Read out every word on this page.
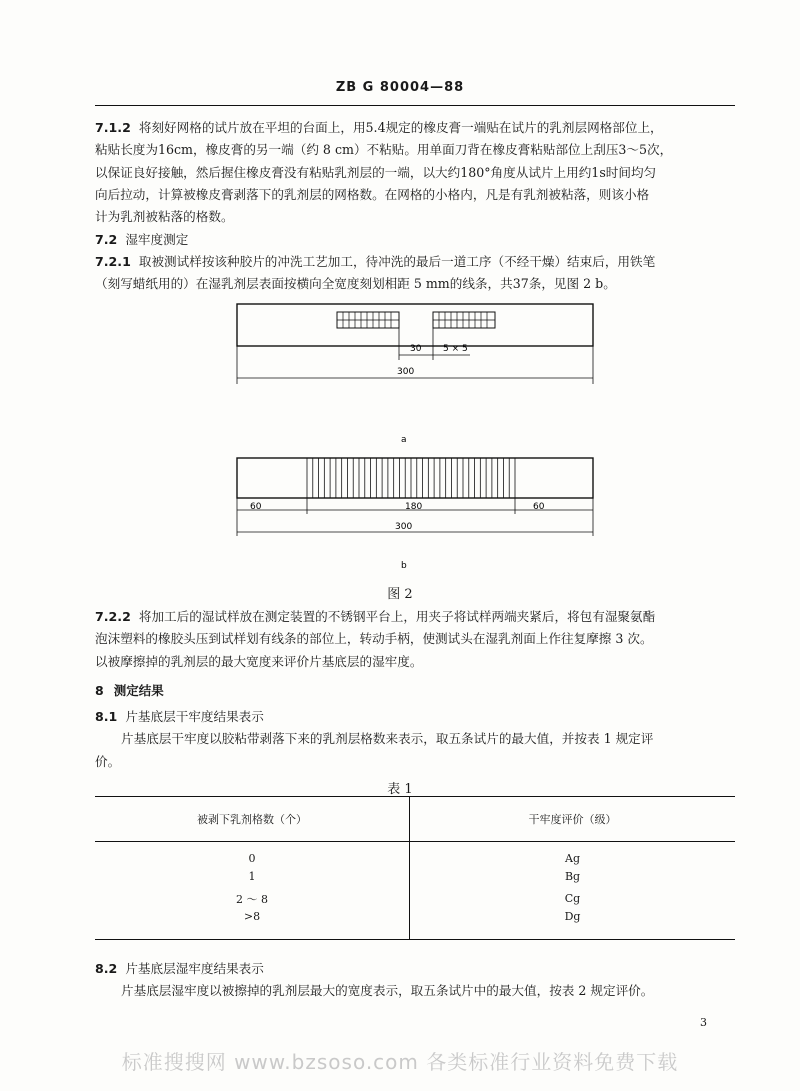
ZB G 80004—88
7.1.2 将刻好网格的试片放在平坦的台面上，用5.4规定的橡皮膏一端贴在试片的乳剂层网格部位上，
粘贴长度为16cm，橡皮膏的另一端（约 8 cm）不粘贴。用单面刀背在橡皮膏粘贴部位上刮压3～5次，
以保证良好接触，然后握住橡皮膏没有粘贴乳剂层的一端，以大约180°角度从试片上用约1s时间均匀
向后拉动，计算被橡皮膏剥落下的乳剂层的网格数。在网格的小格内，凡是有乳剂被粘落，则该小格
计为乳剂被粘落的格数。
7.2 湿牢度测定
7.2.1 取被测试样按该种胶片的冲洗工艺加工，待冲洗的最后一道工序（不经干燥）结束后，用铁笔
（刻写蜡纸用的）在湿乳剂层表面按横向全宽度刻划相距 5 mm的线条，共37条，见图 2 b。
30 5 × 5
300
a
60	180	60
300
b
图 2
7.2.2 将加工后的湿试样放在测定装置的不锈钢平台上，用夹子将试样两端夹紧后，将包有湿聚氨酯
泡沫塑料的橡胶头压到试样划有线条的部位上，转动手柄，使测试头在湿乳剂面上作往复摩擦 3 次。
以被摩擦掉的乳剂层的最大宽度来评价片基底层的湿牢度。
8 测定结果
8.1 片基底层干牢度结果表示
片基底层干牢度以胶粘带剥落下来的乳剂层格数来表示，取五条试片的最大值，并按表 1 规定评
价。
表 1
被剥下乳剂格数（个）	干牢度评价（级）
0	Ag
1	Bg
2 ～ 8	Cg
>8	Dg
8.2 片基底层湿牢度结果表示
片基底层湿牢度以被擦掉的乳剂层最大的宽度表示，取五条试片中的最大值，按表 2 规定评价。
3
标准搜搜网 www.bzsoso.com 各类标准行业资料免费下载
